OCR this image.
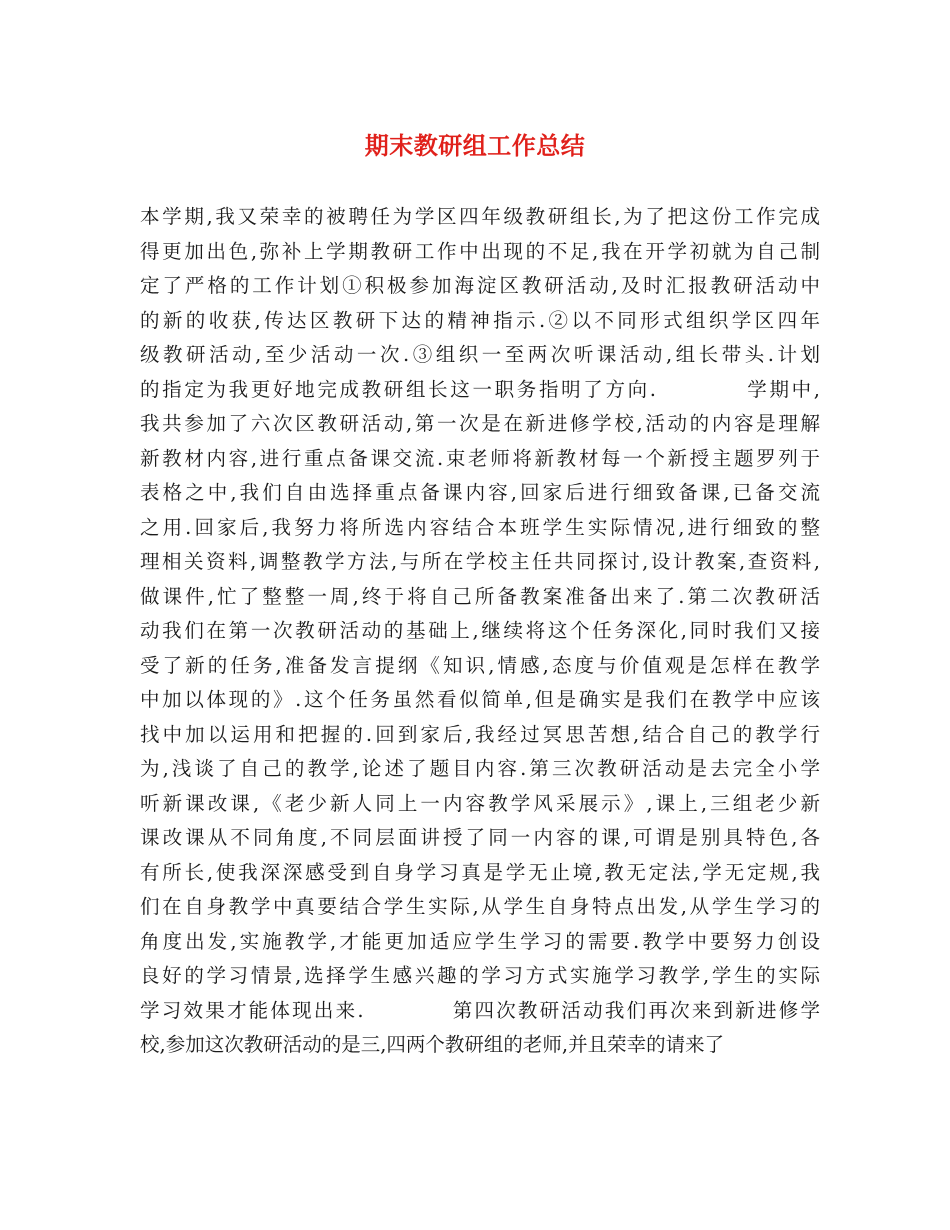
期末教研组工作总结
本学期,我又荣幸的被聘任为学区四年级教研组长,为了把这份工作完成
得更加出色,弥补上学期教研工作中出现的不足,我在开学初就为自己制
定了严格的工作计划①积极参加海淀区教研活动,及时汇报教研活动中
的新的收获,传达区教研下达的精神指示.②以不同形式组织学区四年
级教研活动,至少活动一次.③组织一至两次听课活动,组长带头.计划
的指定为我更好地完成教研组长这一职务指明了方向.　　　　学期中,
我共参加了六次区教研活动,第一次是在新进修学校,活动的内容是理解
新教材内容,进行重点备课交流.束老师将新教材每一个新授主题罗列于
表格之中,我们自由选择重点备课内容,回家后进行细致备课,已备交流
之用.回家后,我努力将所选内容结合本班学生实际情况,进行细致的整
理相关资料,调整教学方法,与所在学校主任共同探讨,设计教案,查资料,
做课件,忙了整整一周,终于将自己所备教案准备出来了.第二次教研活
动我们在第一次教研活动的基础上,继续将这个任务深化,同时我们又接
受了新的任务,准备发言提纲《知识,情感,态度与价值观是怎样在教学
中加以体现的》.这个任务虽然看似简单,但是确实是我们在教学中应该
找中加以运用和把握的.回到家后,我经过冥思苦想,结合自己的教学行
为,浅谈了自己的教学,论述了题目内容.第三次教研活动是去完全小学
听新课改课,《老少新人同上一内容教学风采展示》,课上,三组老少新
课改课从不同角度,不同层面讲授了同一内容的课,可谓是别具特色,各
有所长,使我深深感受到自身学习真是学无止境,教无定法,学无定规,我
们在自身教学中真要结合学生实际,从学生自身特点出发,从学生学习的
角度出发,实施教学,才能更加适应学生学习的需要.教学中要努力创设
良好的学习情景,选择学生感兴趣的学习方式实施学习教学,学生的实际
学习效果才能体现出来.　　　　第四次教研活动我们再次来到新进修学
校,参加这次教研活动的是三,四两个教研组的老师,并且荣幸的请来了
